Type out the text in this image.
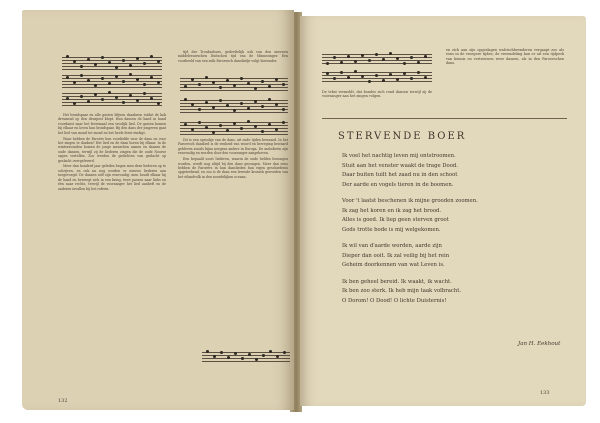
Het bruidspaar en alle gasten blijven dansbeen totdat de kok dreunend op den deurpost klopt. Hun dansen de hand in hand voordanst naar het feestmaal een vroolijk lied. De gasten komen bij elkaar en loven hun bruidspaar. Bij den dans der jongeren gaat het lied van mond tot mond en het heele feest eindigt.

Waar hebben de Faroërs hun voorliefde voor de dans en voor het zingen te danken? Het lied en de dans horen bij elkaar. In de winteravonden komen de jonge menschen samen en dansen de oude dansen, terwijl zij de liederen zingen die de oude Noorse sagen vertellen. Zoo werden de gedichten van geslacht op geslacht overgeleverd.

Meer dan honderd jaar geleden begon men deze liederen op te schrijven, en ook nu nog worden er nieuwe liederen aan toegevoegd. De dansen zelf zijn eenvoudig: men houdt elkaar bij de hand en beweegt zich in een kring, twee passen naar links en één naar rechts, terwijl de voorzanger het lied aanheft en de anderen invallen bij het refrein.

tijd der Troubadours, gedeeltelijk ook van den nieuwen middeleeuwschen Duitschen tijd van de Minnezinger. Een voorbeeld van een zulk Faroeesch dansliedje volgt hieronder.

Dit is een sprookje van de dans, uit oude tijden bewaard. In het Faroeesch danslied is de eenheid van woord en beweging bewaard gebleven zooals bijna nergens anders in Europa. De melodieën zijn eenvoudig en worden door den voorzanger aangeheven.

Een bepaald soort liederen, waarin de oude helden bezongen worden, wordt nog altijd bij den dans gezongen. Meer dan eens hebben de Faroeërs in hun danslieden hun eigen geschiedenis opgeteekend, en zoo is de dans een levende kroniek geworden van het eilandvolk in den noordelijken oceaan.

132
De tekst vermeldt, dat bondes zich rond dansen terwijl zij de voorzanger aan het zingen volgen.
en zich aan zijn opgeslagen walvischbeenderen vergaapt zoo als eens in de vroegere tijden; de vreemdeling kan er uit een tijdperk van kennis en vertrouwen weer dansen, als in den Faroeeschen dans.
133
STERVENDE BOER
Ik voel het nachtig leven mij ontstroomen.
Stuit aan het venster waakt de trage Dood.
Daar buiten tuilt het zaad nu in den schoot
Der aarde en vogels tieren in de boomen.
Voor 't laatst beschenen ik mijne grooden zoomen.
Ik zag het koren en ik zag het brood.
Alles is goed. Ik liep geen sterven groot
Gods trotte bode is mij welgekomen.
Ik wil van d'aarde worden, aarde zijn
Dieper dan ooit. Ik zal veilig bij het rein
Geheim doorkennen van wat Leven is.
Ik ben geheel bereid. Ik waakt, ik wacht.
Ik ben zoo sterk. Ik heb mijn taak volbracht.
O Dorom! O Dood! O lichte Duisternis!
Jan H. Eekhout
